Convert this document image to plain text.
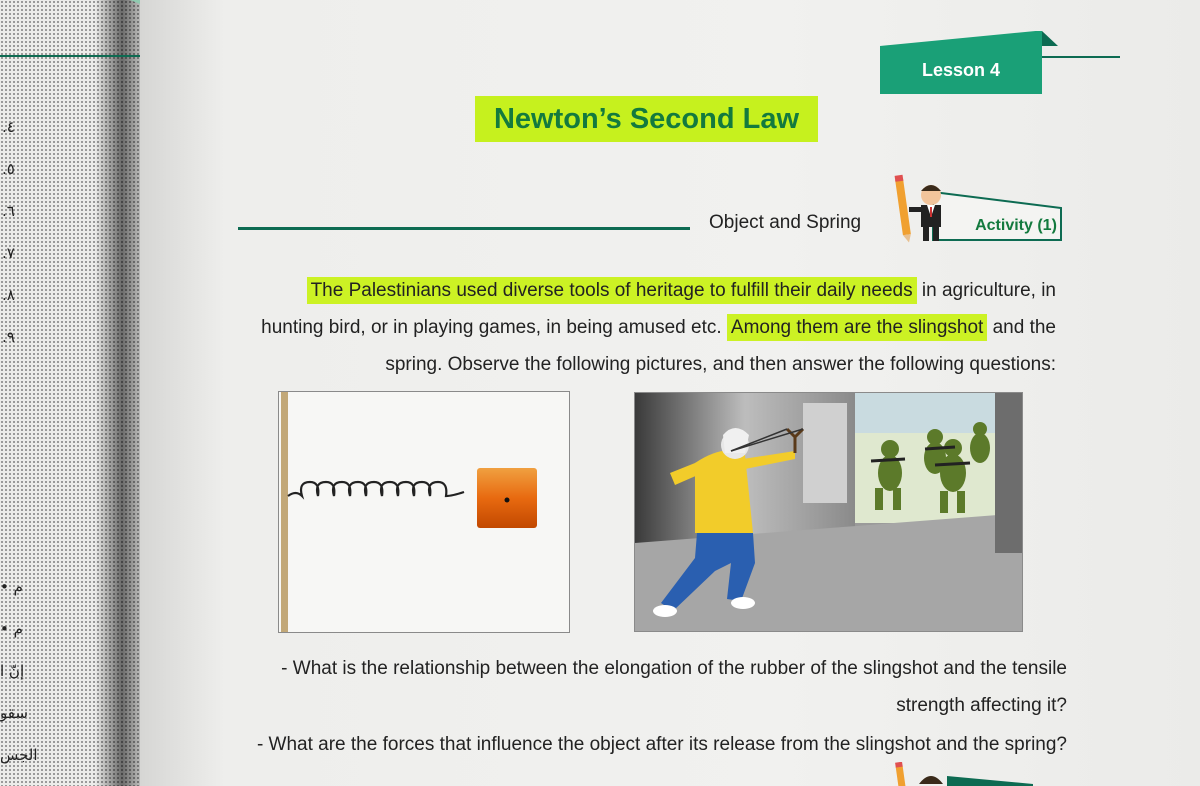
.٤
.٥
.٦
.٧
.٨
.٩
• م
• م
إنّ ا
سقو
الجس
Lesson 4
Newton’s Second Law
Object and Spring	Activity (1)
The Palestinians used diverse tools of heritage to fulfill their daily needs in agriculture, in
hunting bird, or in playing games, in being amused etc. Among them are the slingshot and the
spring. Observe the following pictures, and then answer the following questions:
- What is the relationship between the elongation of the rubber of the slingshot and the tensile
strength affecting it?
- What are the forces that influence the object after its release from the slingshot and the spring?
